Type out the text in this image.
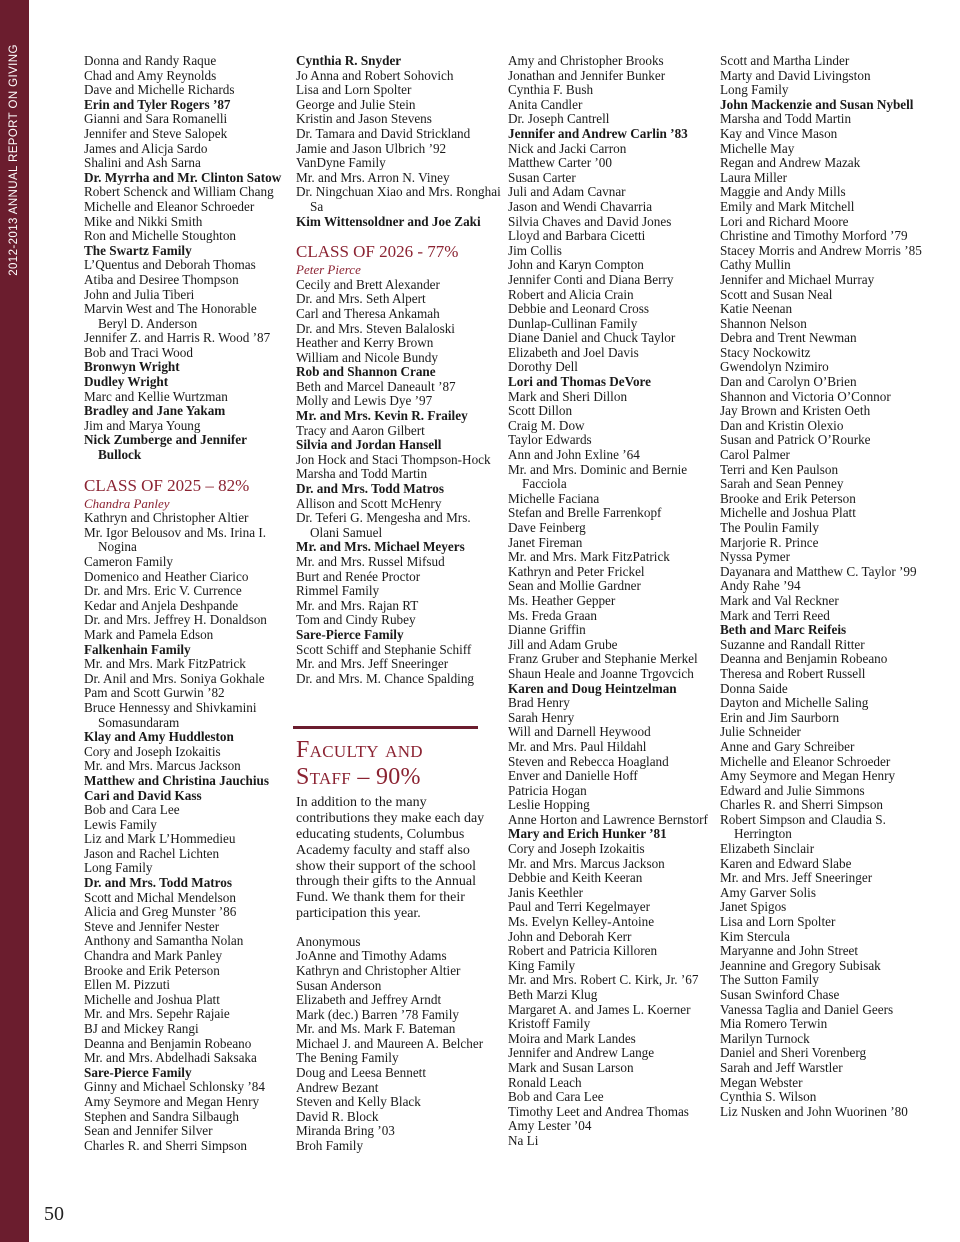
2012-2013 ANNUAL REPORT ON GIVING	Donna and Randy Raque
Chad and Amy Reynolds
Dave and Michelle Richards
Erin and Tyler Rogers ’87
Gianni and Sara Romanelli
Jennifer and Steve Salopek
James and Alicja Sardo
Shalini and Ash Sarna
Dr. Myrrha and Mr. Clinton Satow
Robert Schenck and William Chang
Michelle and Eleanor Schroeder
Mike and Nikki Smith
Ron and Michelle Stoughton
The Swartz Family
L’Quentus and Deborah Thomas
Atiba and Desiree Thompson
John and Julia Tiberi
Marvin West and The Honorable Beryl D. Anderson
Jennifer Z. and Harris R. Wood ’87
Bob and Traci Wood
Bronwyn Wright
Dudley Wright
Marc and Kellie Wurtzman
Bradley and Jane Yakam
Jim and Marya Young
Nick Zumberge and Jennifer Bullock
CLASS OF 2025 – 82%
Chandra Panley
Kathryn and Christopher Altier
Mr. Igor Belousov and Ms. Irina I. Nogina
Cameron Family
Domenico and Heather Ciarico
Dr. and Mrs. Eric V. Currence
Kedar and Anjela Deshpande
Dr. and Mrs. Jeffrey H. Donaldson
Mark and Pamela Edson
Falkenhain Family
Mr. and Mrs. Mark FitzPatrick
Dr. Anil and Mrs. Soniya Gokhale
Pam and Scott Gurwin ’82
Bruce Hennessy and Shivkamini Somasundaram
Klay and Amy Huddleston
Cory and Joseph Izokaitis
Mr. and Mrs. Marcus Jackson
Matthew and Christina Jauchius
Cari and David Kass
Bob and Cara Lee
Lewis Family
Liz and Mark L’Hommedieu
Jason and Rachel Lichten
Long Family
Dr. and Mrs. Todd Matros
Scott and Michal Mendelson
Alicia and Greg Munster ’86
Steve and Jennifer Nester
Anthony and Samantha Nolan
Chandra and Mark Panley
Brooke and Erik Peterson
Ellen M. Pizzuti
Michelle and Joshua Platt
Mr. and Mrs. Sepehr Rajaie
BJ and Mickey Rangi
Deanna and Benjamin Robeano
Mr. and Mrs. Abdelhadi Saksaka
Sare-Pierce Family
Ginny and Michael Schlonsky ’84
Amy Seymore and Megan Henry
Stephen and Sandra Silbaugh
Sean and Jennifer Silver
Charles R. and Sherri Simpson
Cynthia R. Snyder
Jo Anna and Robert Sohovich
Lisa and Lorn Spolter
George and Julie Stein
Kristin and Jason Stevens
Dr. Tamara and David Strickland
Jamie and Jason Ulbrich ’92
VanDyne Family
Mr. and Mrs. Arron N. Viney
Dr. Ningchuan Xiao and Mrs. Ronghai Sa
Kim Wittensoldner and Joe Zaki
CLASS OF 2026 - 77%
Peter Pierce
Cecily and Brett Alexander
Dr. and Mrs. Seth Alpert
Carl and Theresa Ankamah
Dr. and Mrs. Steven Balaloski
Heather and Kerry Brown
William and Nicole Bundy
Rob and Shannon Crane
Beth and Marcel Daneault ’87
Molly and Lewis Dye ’97
Mr. and Mrs. Kevin R. Frailey
Tracy and Aaron Gilbert
Silvia and Jordan Hansell
Jon Hock and Staci Thompson-Hock
Marsha and Todd Martin
Dr. and Mrs. Todd Matros
Allison and Scott McHenry
Dr. Teferi G. Mengesha and Mrs. Olani Samuel
Mr. and Mrs. Michael Meyers
Mr. and Mrs. Russel Mifsud
Burt and Renée Proctor
Rimmel Family
Mr. and Mrs. Rajan RT
Tom and Cindy Rubey
Sare-Pierce Family
Scott Schiff and Stephanie Schiff
Mr. and Mrs. Jeff Sneeringer
Dr. and Mrs. M. Chance Spalding
Faculty and
Staff – 90%
In addition to the many contributions they make each day educating students, Columbus Academy faculty and staff also show their support of the school through their gifts to the Annual Fund. We thank them for their participation this year.
Anonymous
JoAnne and Timothy Adams
Kathryn and Christopher Altier
Susan Anderson
Elizabeth and Jeffrey Arndt
Mark (dec.) Barren ’78 Family
Mr. and Ms. Mark F. Bateman
Michael J. and Maureen A. Belcher
The Bening Family
Doug and Leesa Bennett
Andrew Bezant
Steven and Kelly Black
David R. Block
Miranda Bring ’03
Broh Family
Amy and Christopher Brooks
Jonathan and Jennifer Bunker
Cynthia F. Bush
Anita Candler
Dr. Joseph Cantrell
Jennifer and Andrew Carlin ’83
Nick and Jacki Carron
Matthew Carter ’00
Susan Carter
Juli and Adam Cavnar
Jason and Wendi Chavarria
Silvia Chaves and David Jones
Lloyd and Barbara Cicetti
Jim Collis
John and Karyn Compton
Jennifer Conti and Diana Berry
Robert and Alicia Crain
Debbie and Leonard Cross
Dunlap-Cullinan Family
Diane Daniel and Chuck Taylor
Elizabeth and Joel Davis
Dorothy Dell
Lori and Thomas DeVore
Mark and Sheri Dillon
Scott Dillon
Craig M. Dow
Taylor Edwards
Ann and John Exline ’64
Mr. and Mrs. Dominic and Bernie Facciola
Michelle Faciana
Stefan and Brelle Farrenkopf
Dave Feinberg
Janet Fireman
Mr. and Mrs. Mark FitzPatrick
Kathryn and Peter Frickel
Sean and Mollie Gardner
Ms. Heather Gepper
Ms. Freda Graan
Dianne Griffin
Jill and Adam Grube
Franz Gruber and Stephanie Merkel
Shaun Heale and Joanne Trgovcich
Karen and Doug Heintzelman
Brad Henry
Sarah Henry
Will and Darnell Heywood
Mr. and Mrs. Paul Hildahl
Steven and Rebecca Hoagland
Enver and Danielle Hoff
Patricia Hogan
Leslie Hopping
Anne Horton and Lawrence Bernstorf
Mary and Erich Hunker ’81
Cory and Joseph Izokaitis
Mr. and Mrs. Marcus Jackson
Debbie and Keith Keeran
Janis Keethler
Paul and Terri Kegelmayer
Ms. Evelyn Kelley-Antoine
John and Deborah Kerr
Robert and Patricia Killoren
King Family
Mr. and Mrs. Robert C. Kirk, Jr. ’67
Beth Marzi Klug
Margaret A. and James L. Koerner
Kristoff Family
Moira and Mark Landes
Jennifer and Andrew Lange
Mark and Susan Larson
Ronald Leach
Bob and Cara Lee
Timothy Leet and Andrea Thomas
Amy Lester ’04
Na Li
Scott and Martha Linder
Marty and David Livingston
Long Family
John Mackenzie and Susan Nybell
Marsha and Todd Martin
Kay and Vince Mason
Michelle May
Regan and Andrew Mazak
Laura Miller
Maggie and Andy Mills
Emily and Mark Mitchell
Lori and Richard Moore
Christine and Timothy Morford ’79
Stacey Morris and Andrew Morris ’85
Cathy Mullin
Jennifer and Michael Murray
Scott and Susan Neal
Katie Neenan
Shannon Nelson
Debra and Trent Newman
Stacy Nockowitz
Gwendolyn Nzimiro
Dan and Carolyn O’Brien
Shannon and Victoria O’Connor
Jay Brown and Kristen Oeth
Dan and Kristin Olexio
Susan and Patrick O’Rourke
Carol Palmer
Terri and Ken Paulson
Sarah and Sean Penney
Brooke and Erik Peterson
Michelle and Joshua Platt
The Poulin Family
Marjorie R. Prince
Nyssa Pymer
Dayanara and Matthew C. Taylor ’99
Andy Rahe ’94
Mark and Val Reckner
Mark and Terri Reed
Beth and Marc Reifeis
Suzanne and Randall Ritter
Deanna and Benjamin Robeano
Theresa and Robert Russell
Donna Saide
Dayton and Michelle Saling
Erin and Jim Saurborn
Julie Schneider
Anne and Gary Schreiber
Michelle and Eleanor Schroeder
Amy Seymore and Megan Henry
Edward and Julie Simmons
Charles R. and Sherri Simpson
Robert Simpson and Claudia S. Herrington
Elizabeth Sinclair
Karen and Edward Slabe
Mr. and Mrs. Jeff Sneeringer
Amy Garver Solis
Janet Spigos
Lisa and Lorn Spolter
Kim Stercula
Maryanne and John Street
Jeannine and Gregory Subisak
The Sutton Family
Susan Swinford Chase
Vanessa Taglia and Daniel Geers
Mia Romero Terwin
Marilyn Turnock
Daniel and Sheri Vorenberg
Sarah and Jeff Warstler
Megan Webster
Cynthia S. Wilson
Liz Nusken and John Wuorinen ’80
50
